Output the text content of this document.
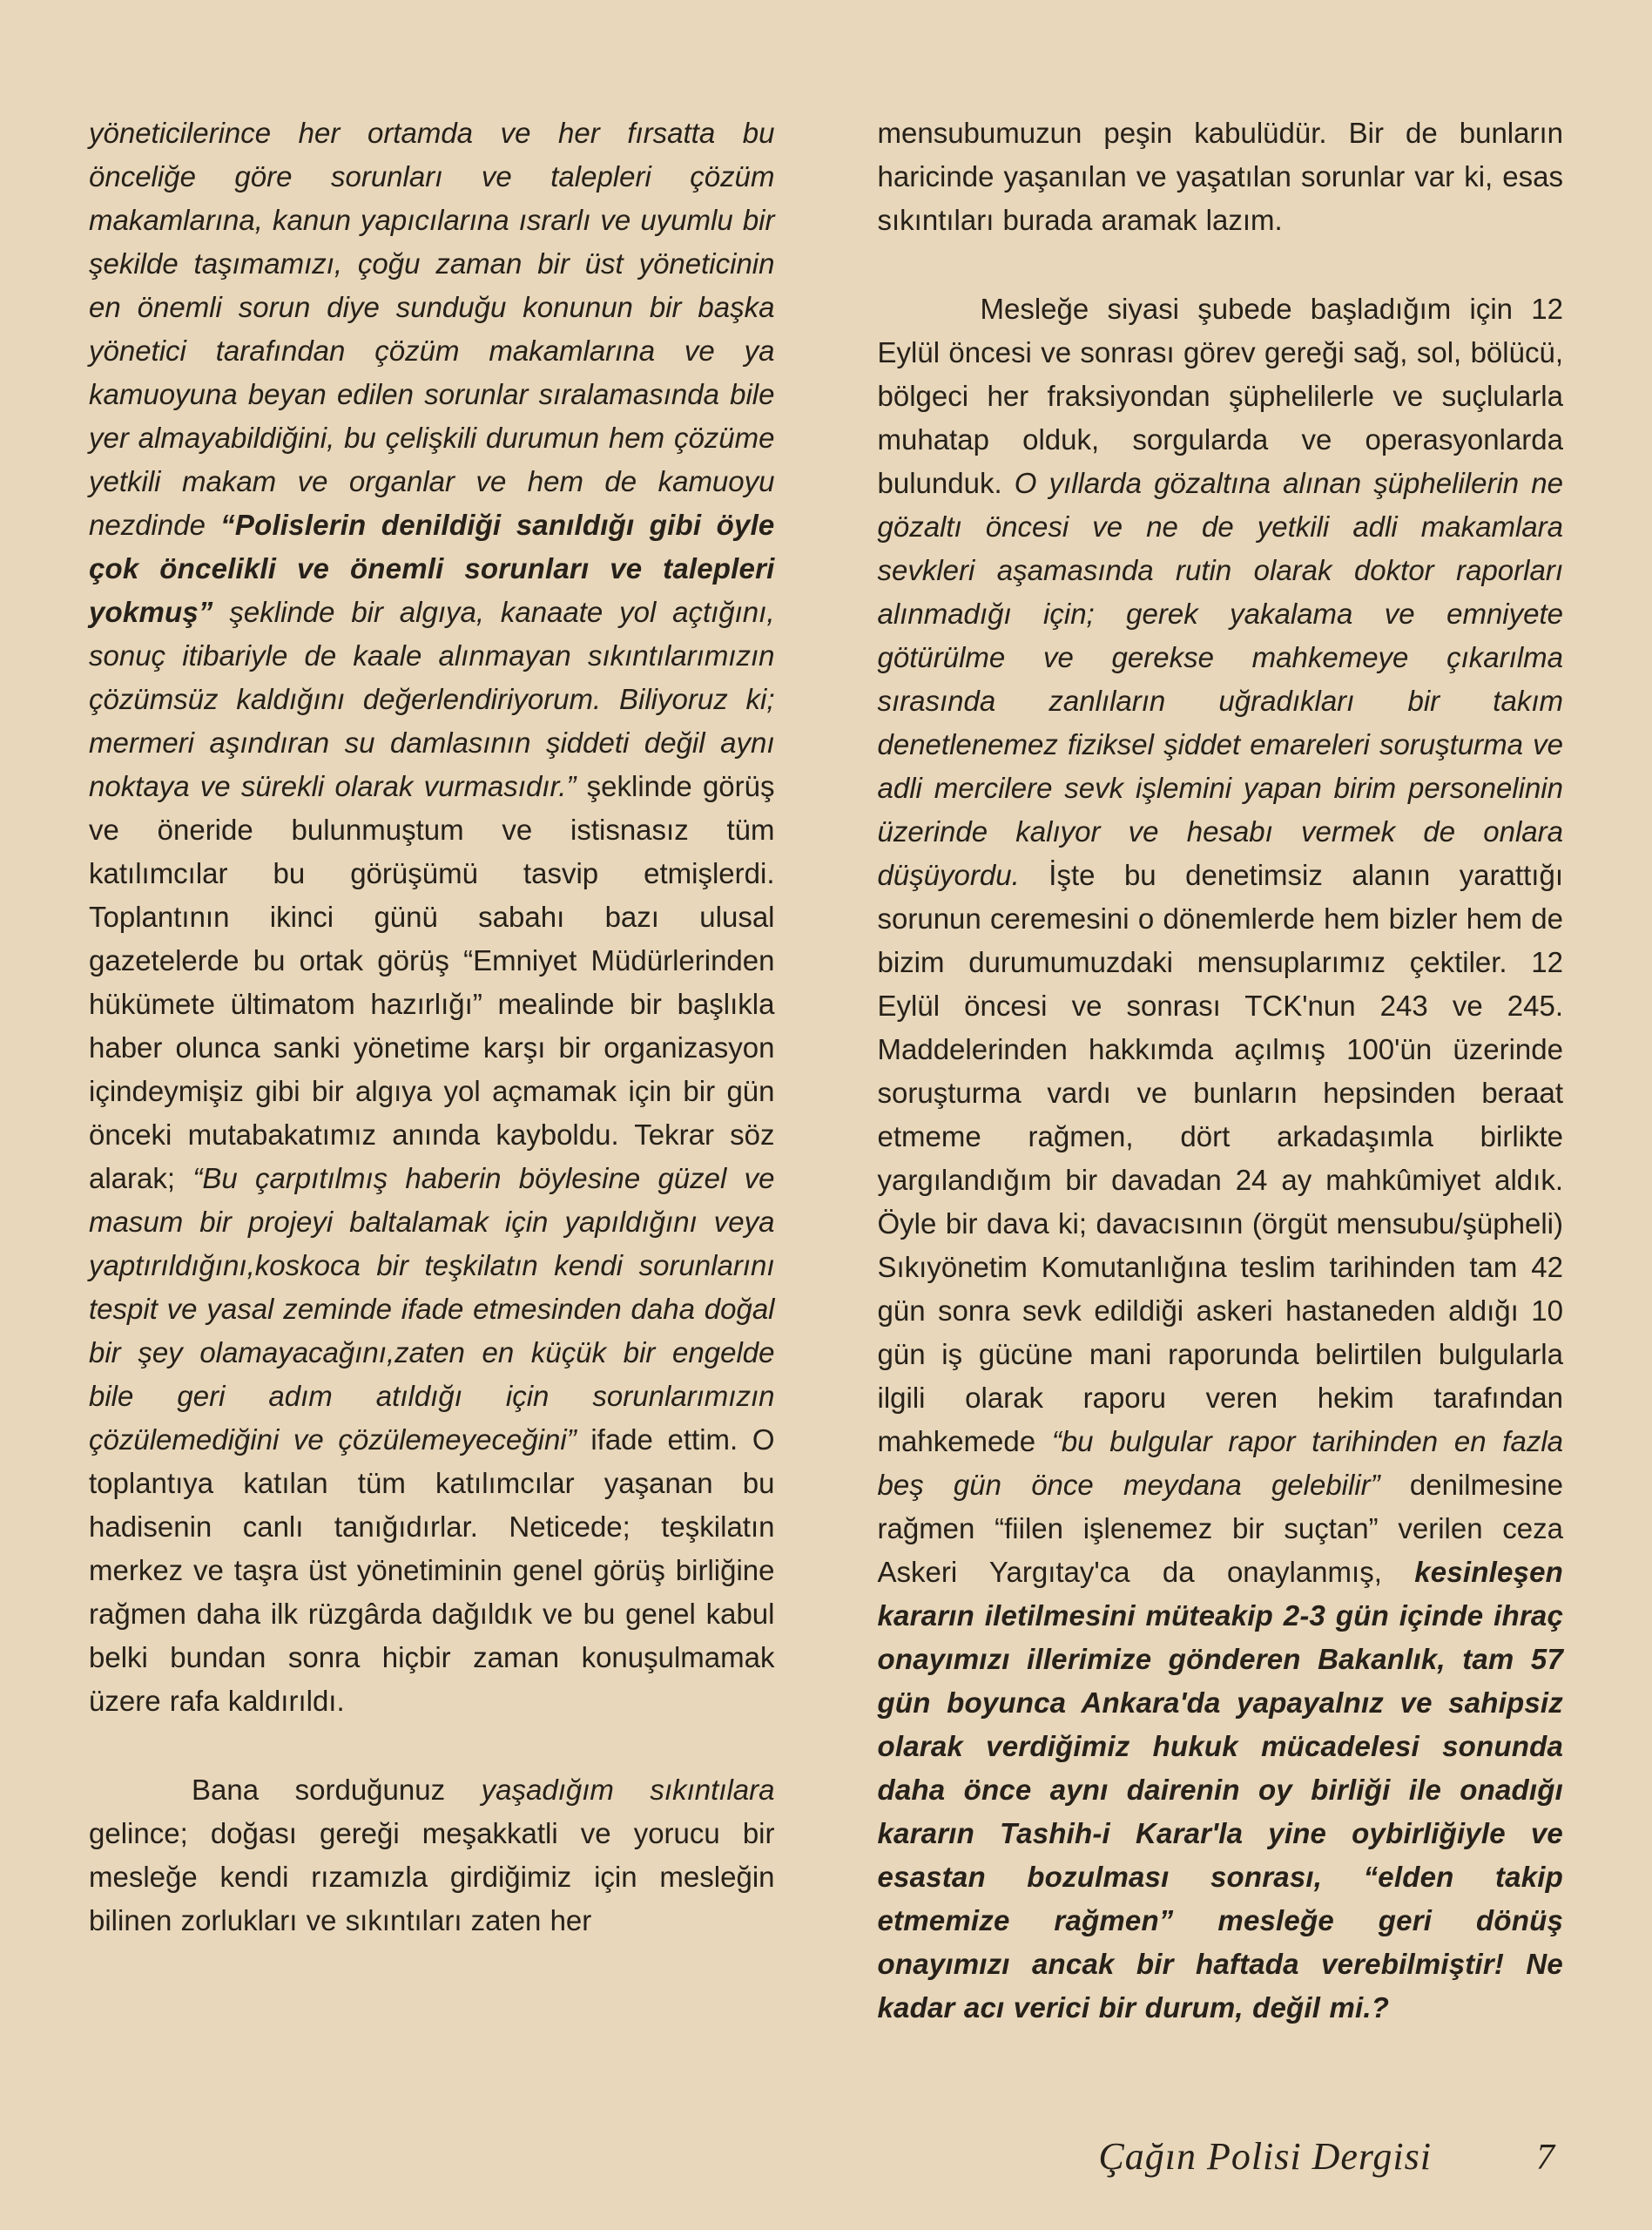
yöneticilerince her ortamda ve her fırsatta bu önceliğe göre sorunları ve talepleri çözüm makamlarına, kanun yapıcılarına ısrarlı ve uyumlu bir şekilde taşımamızı, çoğu zaman bir üst yöneticinin en önemli sorun diye sunduğu konunun bir başka yönetici tarafından çözüm makamlarına ve ya kamuoyuna beyan edilen sorunlar sıralamasında bile yer almayabildiğini, bu çelişkili durumun hem çözüme yetkili makam ve organlar ve hem de kamuoyu nezdinde “Polislerin denildiği sanıldığı gibi öyle çok öncelikli ve önemli sorunları ve talepleri yokmuş” şeklinde bir algıya, kanaate yol açtığını, sonuç itibariyle de kaale alınmayan sıkıntılarımızın çözümsüz kaldığını değerlendiriyorum. Biliyoruz ki; mermeri aşındıran su damlasının şiddeti değil aynı noktaya ve sürekli olarak vurmasıdır.” şeklinde görüş ve öneride bulunmuştum ve istisnasız tüm katılımcılar bu görüşümü tasvip etmişlerdi. Toplantının ikinci günü sabahı bazı ulusal gazetelerde bu ortak görüş “Emniyet Müdürlerinden hükümete ültimatom hazırlığı” mealinde bir başlıkla haber olunca sanki yönetime karşı bir organizasyon içindeymişiz gibi bir algıya yol açmamak için bir gün önceki mutabakatımız anında kayboldu. Tekrar söz alarak; “Bu çarpıtılmış haberin böylesine güzel ve masum bir projeyi baltalamak için yapıldığını veya yaptırıldığını,koskoca bir teşkilatın kendi sorunlarını tespit ve yasal zeminde ifade etmesinden daha doğal bir şey olamayacağını,zaten en küçük bir engelde bile geri adım atıldığı için sorunlarımızın çözülemediğini ve çözülemeyeceğini” ifade ettim. O toplantıya katılan tüm katılımcılar yaşanan bu hadisenin canlı tanığıdırlar. Neticede; teşkilatın merkez ve taşra üst yönetiminin genel görüş birliğine rağmen daha ilk rüzgârda dağıldık ve bu genel kabul belki bundan sonra hiçbir zaman konuşulmamak üzere rafa kaldırıldı.

Bana sorduğunuz yaşadığım sıkıntılara gelince; doğası gereği meşakkatli ve yorucu bir mesleğe kendi rızamızla girdiğimiz için mesleğin bilinen zorlukları ve sıkıntıları zaten her

mensubumuzun peşin kabulüdür. Bir de bunların haricinde yaşanılan ve yaşatılan sorunlar var ki, esas sıkıntıları burada aramak lazım.

Mesleğe siyasi şubede başladığım için 12 Eylül öncesi ve sonrası görev gereği sağ, sol, bölücü, bölgeci her fraksiyondan şüphelilerle ve suçlularla muhatap olduk, sorgularda ve operasyonlarda bulunduk. O yıllarda gözaltına alınan şüphelilerin ne gözaltı öncesi ve ne de yetkili adli makamlara sevkleri aşamasında rutin olarak doktor raporları alınmadığı için; gerek yakalama ve emniyete götürülme ve gerekse mahkemeye çıkarılma sırasında zanlıların uğradıkları bir takım denetlenemez fiziksel şiddet emareleri soruşturma ve adli mercilere sevk işlemini yapan birim personelinin üzerinde kalıyor ve hesabı vermek de onlara düşüyordu. İşte bu denetimsiz alanın yarattığı sorunun ceremesini o dönemlerde hem bizler hem de bizim durumumuzdaki mensuplarımız çektiler. 12 Eylül öncesi ve sonrası TCK'nun 243 ve 245. Maddelerinden hakkımda açılmış 100'ün üzerinde soruşturma vardı ve bunların hepsinden beraat etmeme rağmen, dört arkadaşımla birlikte yargılandığım bir davadan 24 ay mahkûmiyet aldık. Öyle bir dava ki; davacısının (örgüt mensubu/şüpheli) Sıkıyönetim Komutanlığına teslim tarihinden tam 42 gün sonra sevk edildiği askeri hastaneden aldığı 10 gün iş gücüne mani raporunda belirtilen bulgularla ilgili olarak raporu veren hekim tarafından mahkemede “bu bulgular rapor tarihinden en fazla beş gün önce meydana gelebilir” denilmesine rağmen “fiilen işlenemez bir suçtan” verilen ceza Askeri Yargıtay'ca da onaylanmış, kesinleşen kararın iletilmesini müteakip 2-3 gün içinde ihraç onayımızı illerimize gönderen Bakanlık, tam 57 gün boyunca Ankara'da yapayalnız ve sahipsiz olarak verdiğimiz hukuk mücadelesi sonunda daha önce aynı dairenin oy birliği ile onadığı kararın Tashih-i Karar'la yine oybirliğiyle ve esastan bozulması sonrası, “elden takip etmemize rağmen” mesleğe geri dönüş onayımızı ancak bir haftada verebilmiştir! Ne kadar acı verici bir durum, değil mi.?

Çağın Polisi Dergisi	7
